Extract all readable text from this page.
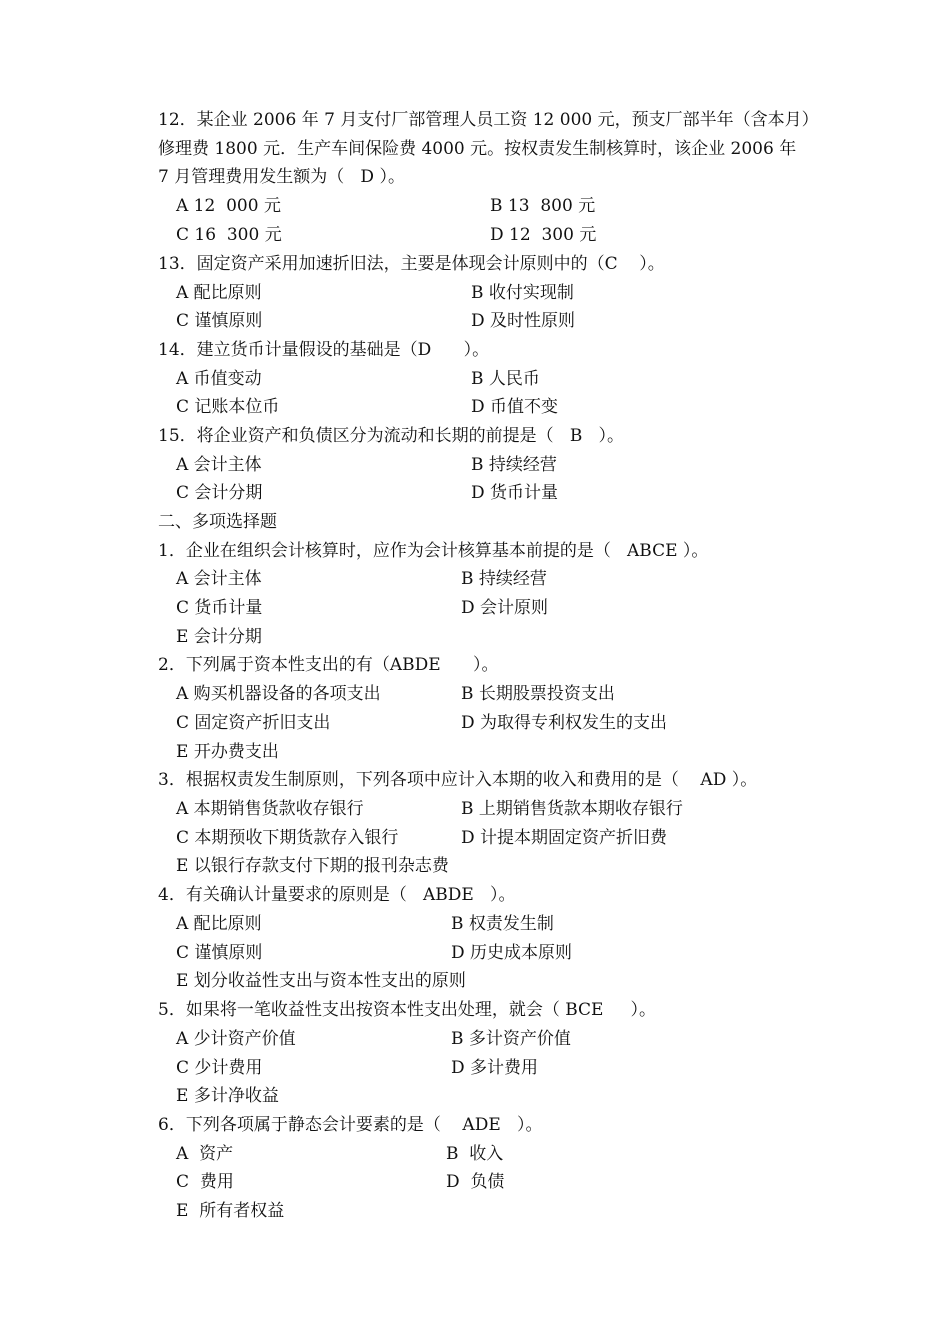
12．某企业 2006 年 7 月支付厂部管理人员工资 12 000 元，预支厂部半年（含本月）
修理费 1800 元．生产车间保险费 4000 元。按权责发生制核算时，该企业 2006 年
7 月管理费用发生额为（   D ）。
A 12  000 元	B 13  800 元
C 16  300 元	D 12  300 元
13．固定资产采用加速折旧法，主要是体现会计原则中的（C    ）。
A 配比原则	B 收付实现制
C 谨慎原则	D 及时性原则
14．建立货币计量假设的基础是（D      ）。
A 币值变动	B 人民币
C 记账本位币	D 币值不变
15．将企业资产和负债区分为流动和长期的前提是（   B   ）。
A 会计主体	B 持续经营
C 会计分期	D 货币计量
二、多项选择题
1．企业在组织会计核算时，应作为会计核算基本前提的是（   ABCE ）。
A 会计主体	B 持续经营
C 货币计量	D 会计原则
E 会计分期
2．下列属于资本性支出的有（ABDE      ）。
A 购买机器设备的各项支出	B 长期股票投资支出
C 固定资产折旧支出	D 为取得专利权发生的支出
E 开办费支出
3．根据权责发生制原则，下列各项中应计入本期的收入和费用的是（    AD ）。
A 本期销售货款收存银行	B 上期销售货款本期收存银行
C 本期预收下期货款存入银行	D 计提本期固定资产折旧费
E 以银行存款支付下期的报刊杂志费
4．有关确认计量要求的原则是（   ABDE   ）。
A 配比原则	B 权责发生制
C 谨慎原则	D 历史成本原则
E 划分收益性支出与资本性支出的原则
5．如果将一笔收益性支出按资本性支出处理，就会（ BCE     ）。
A 少计资产价值	B 多计资产价值
C 少计费用	D 多计费用
E 多计净收益
6．下列各项属于静态会计要素的是（    ADE   ）。
A  资产	B  收入
C  费用	D  负债
E  所有者权益
